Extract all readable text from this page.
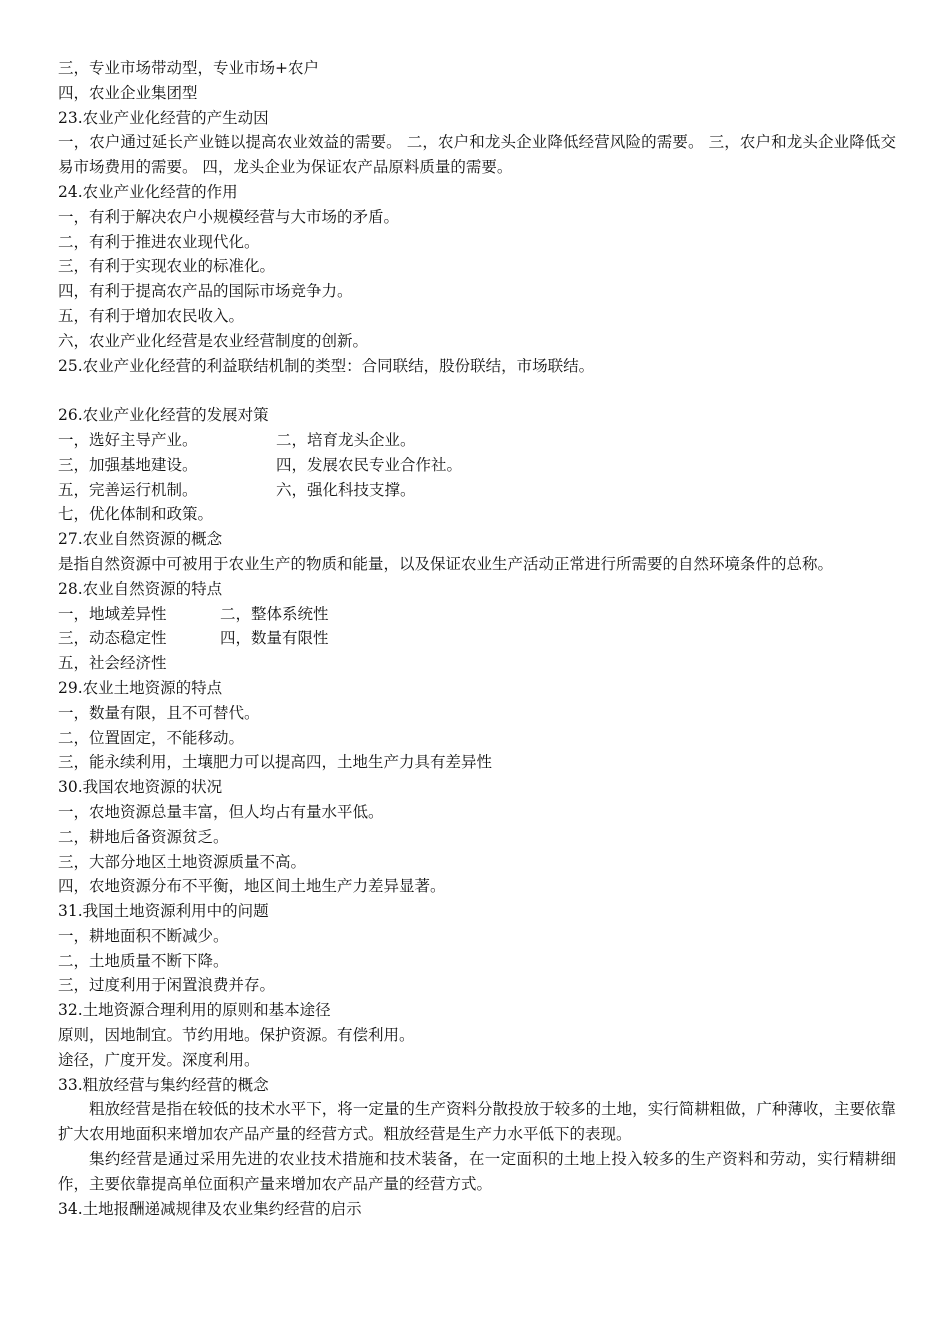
三，专业市场带动型，专业市场+农户
四，农业企业集团型
23.农业产业化经营的产生动因
一，农户通过延长产业链以提高农业效益的需要。 二，农户和龙头企业降低经营风险的需要。 三，农户和龙头企业降低交易市场费用的需要。 四，龙头企业为保证农产品原料质量的需要。
24.农业产业化经营的作用
一，有利于解决农户小规模经营与大市场的矛盾。
二，有利于推进农业现代化。
三，有利于实现农业的标准化。
四，有利于提高农产品的国际市场竞争力。
五，有利于增加农民收入。
六，农业产业化经营是农业经营制度的创新。
25.农业产业化经营的利益联结机制的类型：合同联结，股份联结，市场联结。
26.农业产业化经营的发展对策
一，选好主导产业。	二，培育龙头企业。
三，加强基地建设。	四，发展农民专业合作社。
五，完善运行机制。	六，强化科技支撑。
七，优化体制和政策。
27.农业自然资源的概念
是指自然资源中可被用于农业生产的物质和能量，以及保证农业生产活动正常进行所需要的自然环境条件的总称。
28.农业自然资源的特点
一，地域差异性	二，整体系统性
三，动态稳定性	四，数量有限性
五，社会经济性
29.农业土地资源的特点
一，数量有限，且不可替代。
二，位置固定，不能移动。
三，能永续利用，土壤肥力可以提高四，土地生产力具有差异性
30.我国农地资源的状况
一，农地资源总量丰富，但人均占有量水平低。
二，耕地后备资源贫乏。
三，大部分地区土地资源质量不高。
四，农地资源分布不平衡，地区间土地生产力差异显著。
31.我国土地资源利用中的问题
一，耕地面积不断减少。
二，土地质量不断下降。
三，过度利用于闲置浪费并存。
32.土地资源合理利用的原则和基本途径
原则，因地制宜。节约用地。保护资源。有偿利用。
途径，广度开发。深度利用。
33.粗放经营与集约经营的概念
粗放经营是指在较低的技术水平下，将一定量的生产资料分散投放于较多的土地，实行简耕粗做，广种薄收，主要依靠扩大农用地面积来增加农产品产量的经营方式。粗放经营是生产力水平低下的表现。
集约经营是通过采用先进的农业技术措施和技术装备，在一定面积的土地上投入较多的生产资料和劳动，实行精耕细作，主要依靠提高单位面积产量来增加农产品产量的经营方式。
34.土地报酬递减规律及农业集约经营的启示
